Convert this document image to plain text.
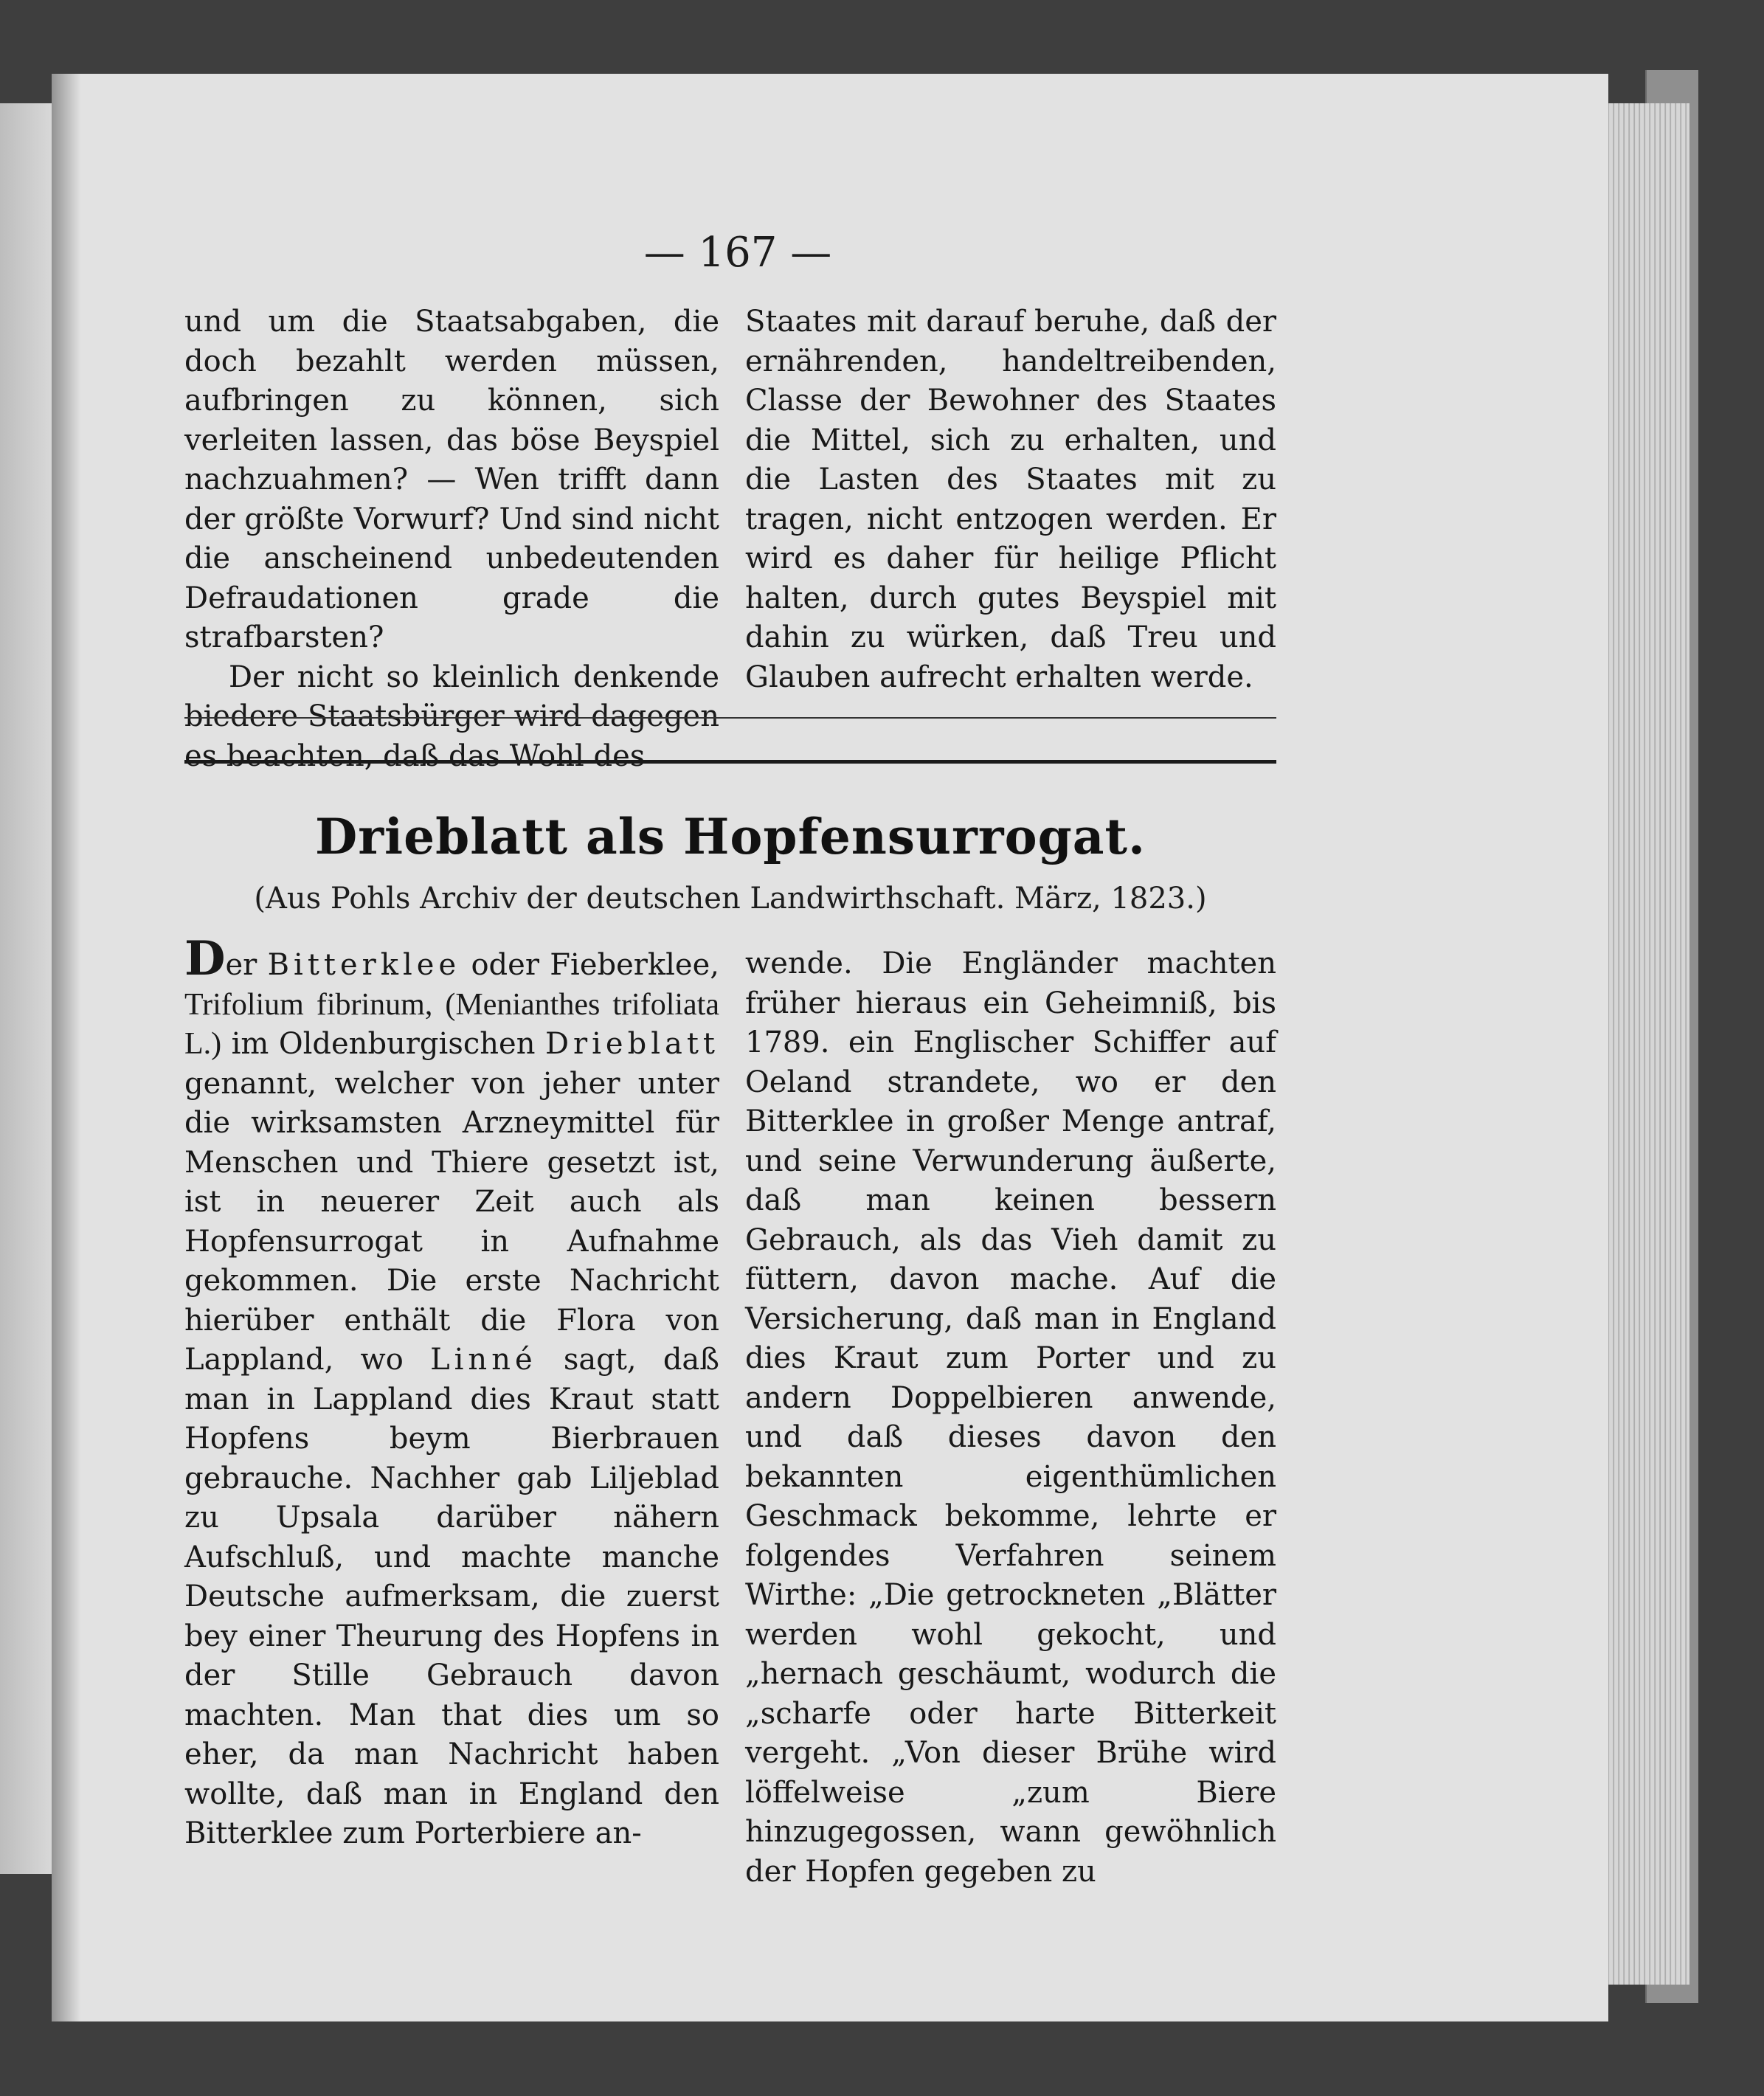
— 167 —

und um die Staatsabgaben, die doch bezahlt werden müssen, aufbringen zu können, sich verleiten lassen, das böse Beyspiel nachzuahmen? — Wen trifft dann der größte Vorwurf? Und sind nicht die anscheinend unbedeutenden Defraudationen grade die strafbarsten?

Der nicht so kleinlich denkende biedere Staatsbürger wird dagegen es beachten, daß das Wohl des

Staates mit darauf beruhe, daß der ernährenden, handeltreibenden, Classe der Bewohner des Staates die Mittel, sich zu erhalten, und die Lasten des Staates mit zu tragen, nicht entzogen werden. Er wird es daher für heilige Pflicht halten, durch gutes Beyspiel mit dahin zu würken, daß Treu und Glauben aufrecht erhalten werde.

Drieblatt als Hopfensurrogat.
(Aus Pohls Archiv der deutschen Landwirthschaft. März, 1823.)

Der Bitterklee oder Fieberklee, Trifolium fibrinum, (Menianthes trifoliata L.) im Oldenburgischen Drieblatt genannt, welcher von jeher unter die wirksamsten Arzneymittel für Menschen und Thiere gesetzt ist, ist in neuerer Zeit auch als Hopfensurrogat in Aufnahme gekommen. Die erste Nachricht hierüber enthält die Flora von Lappland, wo Linné sagt, daß man in Lappland dies Kraut statt Hopfens beym Bierbrauen gebrauche. Nachher gab Liljeblad zu Upsala darüber nähern Aufschluß, und machte manche Deutsche aufmerksam, die zuerst bey einer Theurung des Hopfens in der Stille Gebrauch davon machten. Man that dies um so eher, da man Nachricht haben wollte, daß man in England den Bitterklee zum Porterbiere an-

wende. Die Engländer machten früher hieraus ein Geheimniß, bis 1789. ein Englischer Schiffer auf Oeland strandete, wo er den Bitterklee in großer Menge antraf, und seine Verwunderung äußerte, daß man keinen bessern Gebrauch, als das Vieh damit zu füttern, davon mache. Auf die Versicherung, daß man in England dies Kraut zum Porter und zu andern Doppelbieren anwende, und daß dieses davon den bekannten eigenthümlichen Geschmack bekomme, lehrte er folgendes Verfahren seinem Wirthe: „Die getrockneten „Blätter werden wohl gekocht, und „hernach geschäumt, wodurch die „scharfe oder harte Bitterkeit vergeht. „Von dieser Brühe wird löffelweise „zum Biere hinzugegossen, wann gewöhnlich der Hopfen gegeben zu
